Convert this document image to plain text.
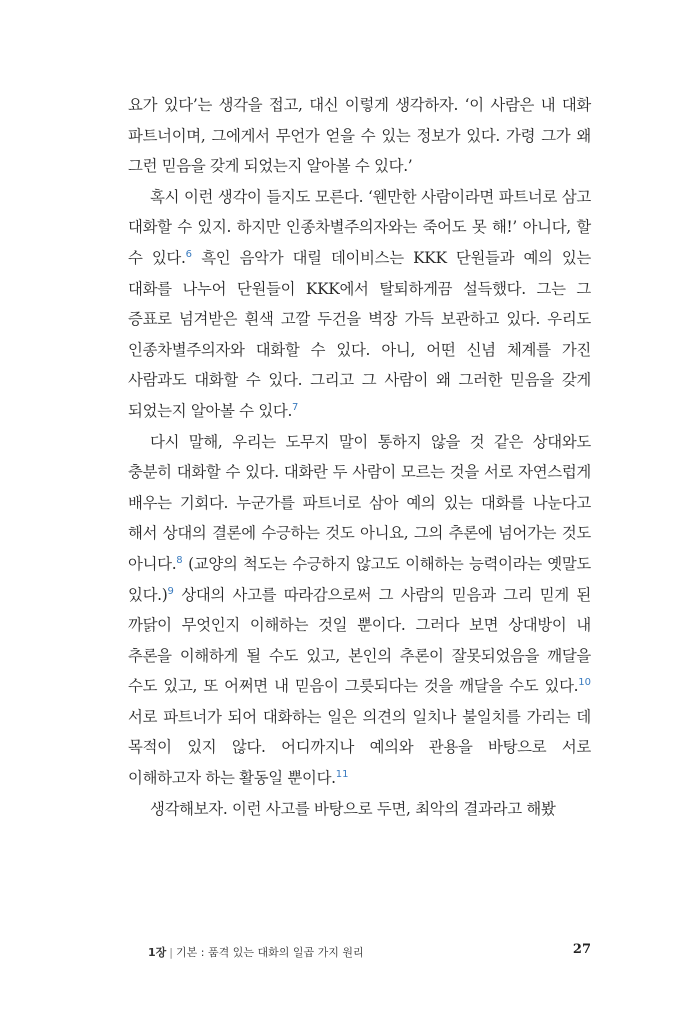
요가 있다’는 생각을 접고, 대신 이렇게 생각하자. ‘이 사람은 내 대화 파트너이며, 그에게서 무언가 얻을 수 있는 정보가 있다. 가령 그가 왜 그런 믿음을 갖게 되었는지 알아볼 수 있다.’

혹시 이런 생각이 들지도 모른다. ‘웬만한 사람이라면 파트너로 삼고 대화할 수 있지. 하지만 인종차별주의자와는 죽어도 못 해!’ 아니다, 할 수 있다.$^6$ 흑인 음악가 대릴 데이비스는 KKK 단원들과 예의 있는 대화를 나누어 단원들이 KKK에서 탈퇴하게끔 설득했다. 그는 그 증표로 넘겨받은 흰색 고깔 두건을 벽장 가득 보관하고 있다. 우리도 인종차별주의자와 대화할 수 있다. 아니, 어떤 신념 체계를 가진 사람과도 대화할 수 있다. 그리고 그 사람이 왜 그러한 믿음을 갖게 되었는지 알아볼 수 있다.$^7$

다시 말해, 우리는 도무지 말이 통하지 않을 것 같은 상대와도 충분히 대화할 수 있다. 대화란 두 사람이 모르는 것을 서로 자연스럽게 배우는 기회다. 누군가를 파트너로 삼아 예의 있는 대화를 나눈다고 해서 상대의 결론에 수긍하는 것도 아니요, 그의 추론에 넘어가는 것도 아니다.$^8$ (교양의 척도는 수긍하지 않고도 이해하는 능력이라는 옛말도 있다.)$^9$ 상대의 사고를 따라감으로써 그 사람의 믿음과 그리 믿게 된 까닭이 무엇인지 이해하는 것일 뿐이다. 그러다 보면 상대방이 내 추론을 이해하게 될 수도 있고, 본인의 추론이 잘못되었음을 깨달을 수도 있고, 또 어쩌면 내 믿음이 그릇되다는 것을 깨달을 수도 있다.$^{10}$ 서로 파트너가 되어 대화하는 일은 의견의 일치나 불일치를 가리는 데 목적이 있지 않다. 어디까지나 예의와 관용을 바탕으로 서로 이해하고자 하는 활동일 뿐이다.$^{11}$

생각해보자. 이런 사고를 바탕으로 두면, 최악의 결과라고 해봤

1장 | 기본 : 품격 있는 대화의 일곱 가지 원리	27
